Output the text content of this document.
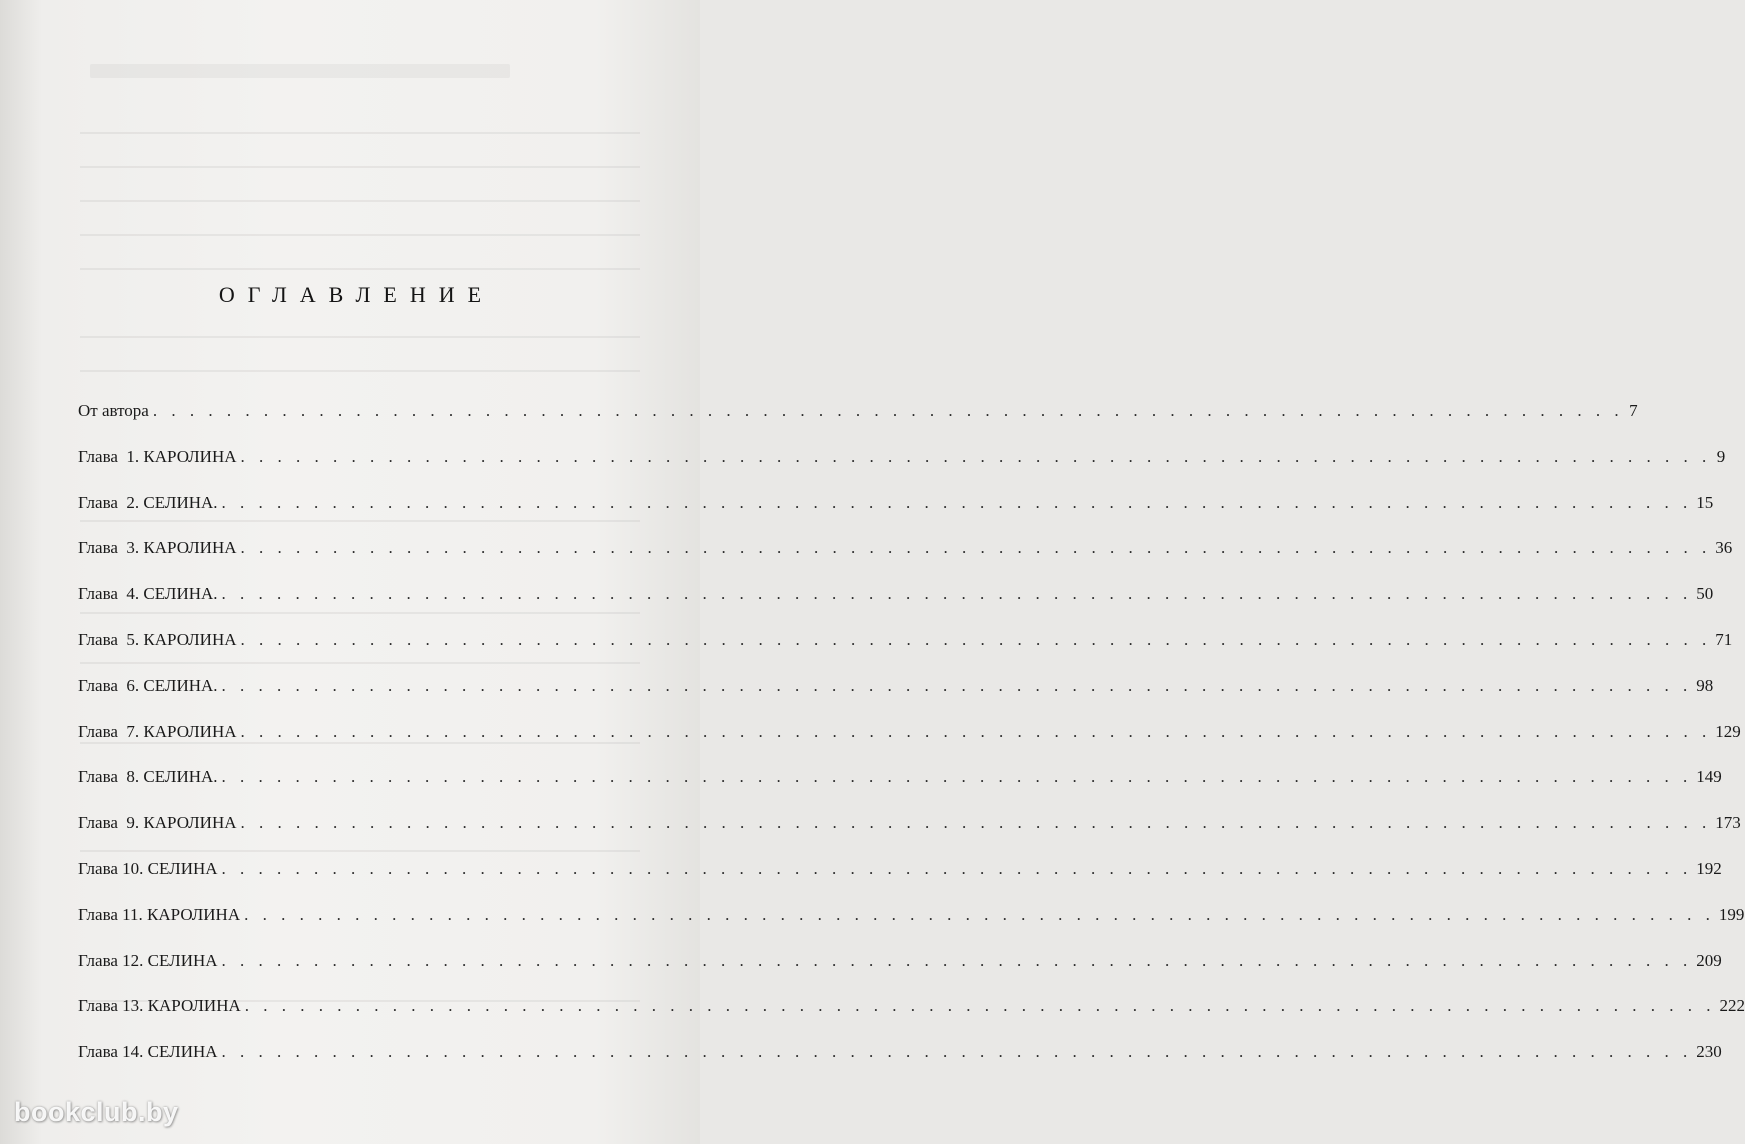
ОГЛАВЛЕНИЕ
От автора . . . . . . . . . . . . . . . . . . . . . . . . . . . . . . . . . . . . . . . . . . . . . . . . . . . . . . . . . . . . . . . . . . . . . . . . . . . . . . . . 7
Глава  1. КАРОЛИНА . . . . . . . . . . . . . . . . . . . . . . . . . . . . . . . . . . . . . . . . . . . . . . . . . . . . . . . . . . . . . . . . . . . . . . . . . . . . . . . . 9
Глава  2. СЕЛИНА. . . . . . . . . . . . . . . . . . . . . . . . . . . . . . . . . . . . . . . . . . . . . . . . . . . . . . . . . . . . . . . . . . . . . . . . . . . . . . . . . 15
Глава  3. КАРОЛИНА . . . . . . . . . . . . . . . . . . . . . . . . . . . . . . . . . . . . . . . . . . . . . . . . . . . . . . . . . . . . . . . . . . . . . . . . . . . . . . . . 36
Глава  4. СЕЛИНА. . . . . . . . . . . . . . . . . . . . . . . . . . . . . . . . . . . . . . . . . . . . . . . . . . . . . . . . . . . . . . . . . . . . . . . . . . . . . . . . . 50
Глава  5. КАРОЛИНА . . . . . . . . . . . . . . . . . . . . . . . . . . . . . . . . . . . . . . . . . . . . . . . . . . . . . . . . . . . . . . . . . . . . . . . . . . . . . . . . 71
Глава  6. СЕЛИНА. . . . . . . . . . . . . . . . . . . . . . . . . . . . . . . . . . . . . . . . . . . . . . . . . . . . . . . . . . . . . . . . . . . . . . . . . . . . . . . . . 98
Глава  7. КАРОЛИНА . . . . . . . . . . . . . . . . . . . . . . . . . . . . . . . . . . . . . . . . . . . . . . . . . . . . . . . . . . . . . . . . . . . . . . . . . . . . . . . . 129
Глава  8. СЕЛИНА. . . . . . . . . . . . . . . . . . . . . . . . . . . . . . . . . . . . . . . . . . . . . . . . . . . . . . . . . . . . . . . . . . . . . . . . . . . . . . . . . 149
Глава  9. КАРОЛИНА . . . . . . . . . . . . . . . . . . . . . . . . . . . . . . . . . . . . . . . . . . . . . . . . . . . . . . . . . . . . . . . . . . . . . . . . . . . . . . . . 173
Глава 10. СЕЛИНА . . . . . . . . . . . . . . . . . . . . . . . . . . . . . . . . . . . . . . . . . . . . . . . . . . . . . . . . . . . . . . . . . . . . . . . . . . . . . . . . 192
Глава 11. КАРОЛИНА . . . . . . . . . . . . . . . . . . . . . . . . . . . . . . . . . . . . . . . . . . . . . . . . . . . . . . . . . . . . . . . . . . . . . . . . . . . . . . . . 199
Глава 12. СЕЛИНА . . . . . . . . . . . . . . . . . . . . . . . . . . . . . . . . . . . . . . . . . . . . . . . . . . . . . . . . . . . . . . . . . . . . . . . . . . . . . . . . 209
Глава 13. КАРОЛИНА . . . . . . . . . . . . . . . . . . . . . . . . . . . . . . . . . . . . . . . . . . . . . . . . . . . . . . . . . . . . . . . . . . . . . . . . . . . . . . . . 222
Глава 14. СЕЛИНА . . . . . . . . . . . . . . . . . . . . . . . . . . . . . . . . . . . . . . . . . . . . . . . . . . . . . . . . . . . . . . . . . . . . . . . . . . . . . . . . 230
bookclub.by
